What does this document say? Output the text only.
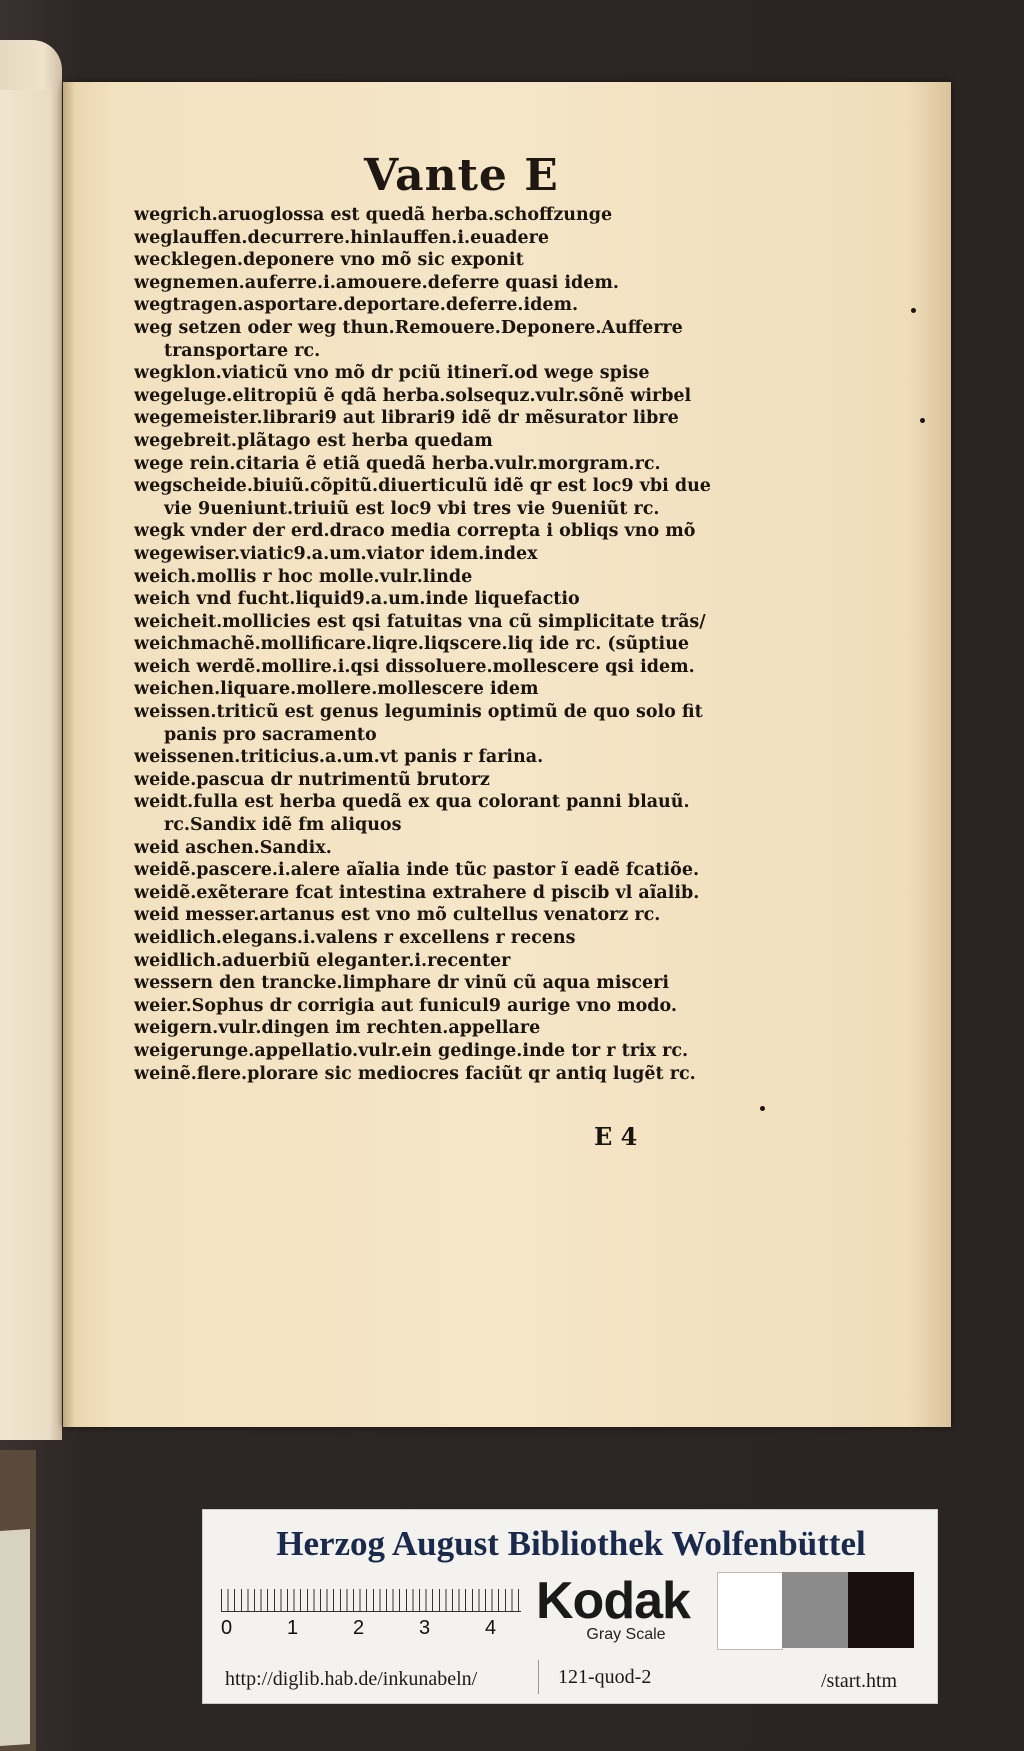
Vante E
wegrich.aruoglossa est quedã herba.schoffzunge
weglauffen.decurrere.hinlauffen.i.euadere
wecklegen.deponere vno mõ sic exponit
wegnemen.auferre.i.amouere.deferre quasi idem.
wegtragen.asportare.deportare.deferre.idem.
weg setzen oder weg thun.Remouere.Deponere.Aufferre
transportare rc.
wegklon.viaticũ vno mõ dr pciũ itinerĩ.od wege spise
wegeluge.elitropiũ ẽ qdã herba.solsequz.vulr.sõnẽ wirbel
wegemeister.librari9 aut librari9 idẽ dr mẽsurator libre
wegebreit.plãtago est herba quedam
wege rein.citaria ẽ etiã quedã herba.vulr.morgram.rc.
wegscheide.biuiũ.cõpitũ.diuerticulũ idẽ qr est loc9 vbi due
vie 9ueniunt.triuiũ est loc9 vbi tres vie 9ueniũt rc.
wegk vnder der erd.draco media correpta i obliqs vno mõ
wegewiser.viatic9.a.um.viator idem.index
weich.mollis r hoc molle.vulr.linde
weich vnd fucht.liquid9.a.um.inde liquefactio
weicheit.mollicies est qsi fatuitas vna cũ simplicitate trãs/
weichmachẽ.mollificare.liqre.liqscere.liq ide rc. (sũptiue
weich werdẽ.mollire.i.qsi dissoluere.mollescere qsi idem.
weichen.liquare.mollere.mollescere idem
weissen.triticũ est genus leguminis optimũ de quo solo fit
panis pro sacramento
weissenen.triticius.a.um.vt panis r farina.
weide.pascua dr nutrimentũ brutorz
weidt.fulla est herba quedã ex qua colorant panni blauũ.
rc.Sandix idẽ fm aliquos
weid aschen.Sandix.
weidẽ.pascere.i.alere aĩalia inde tũc pastor ĩ eadẽ fcatiõe.
weidẽ.exẽterare fcat intestina extrahere d piscib vl aĩalib.
weid messer.artanus est vno mõ cultellus venatorz rc.
weidlich.elegans.i.valens r excellens r recens
weidlich.aduerbiũ eleganter.i.recenter
wessern den trancke.limphare dr vinũ cũ aqua misceri
weier.Sophus dr corrigia aut funicul9 aurige vno modo.
weigern.vulr.dingen im rechten.appellare
weigerunge.appellatio.vulr.ein gedinge.inde tor r trix rc.
weinẽ.flere.plorare sic mediocres faciũt qr antiq lugẽt rc.
E 4
Herzog August Bibliothek Wolfenbüttel
0	1	2	3	4 Kodak
Gray Scale
http://diglib.hab.de/inkunabeln/	121-quod-2	/start.htm
